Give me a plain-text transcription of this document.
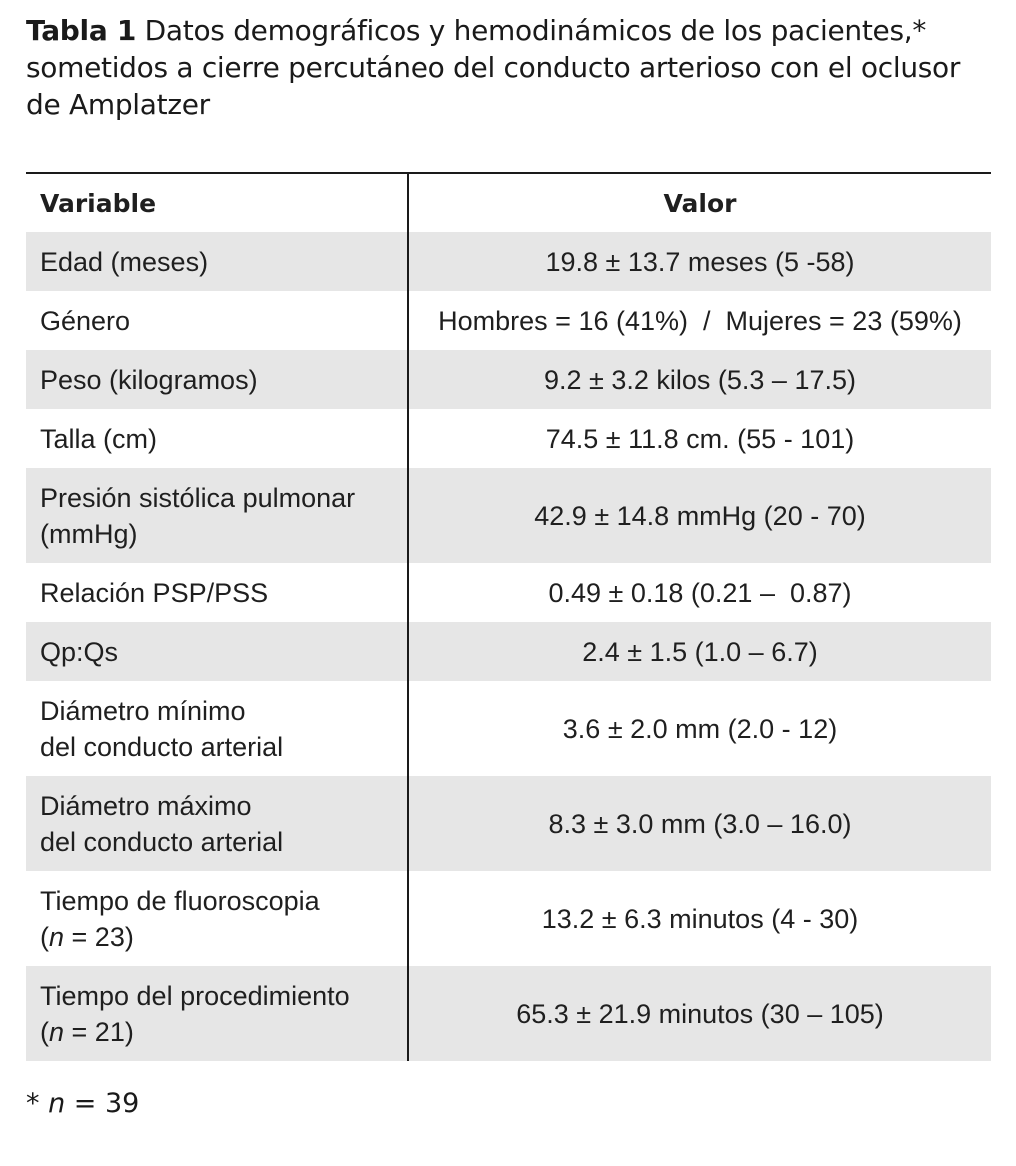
Tabla 1 Datos demográficos y hemodinámicos de los pacientes,* sometidos a cierre percutáneo del conducto arterioso con el oclusor de Amplatzer
Variable	Valor
Edad (meses)	19.8 ± 13.7 meses (5 -58)
Género	Hombres = 16 (41%)  /  Mujeres = 23 (59%)
Peso (kilogramos)	9.2 ± 3.2 kilos (5.3 – 17.5)
Talla (cm)	74.5 ± 11.8 cm. (55 - 101)
Presión sistólica pulmonar
(mmHg)	42.9 ± 14.8 mmHg (20 - 70)
Relación PSP/PSS	0.49 ± 0.18 (0.21 –  0.87)
Qp:Qs	2.4 ± 1.5 (1.0 – 6.7)
Diámetro mínimo
del conducto arterial	3.6 ± 2.0 mm (2.0 - 12)
Diámetro máximo
del conducto arterial	8.3 ± 3.0 mm (3.0 – 16.0)
Tiempo de fluoroscopia
(n = 23)	13.2 ± 6.3 minutos (4 - 30)
Tiempo del procedimiento
(n = 21)	65.3 ± 21.9 minutos (30 – 105)
* n = 39
